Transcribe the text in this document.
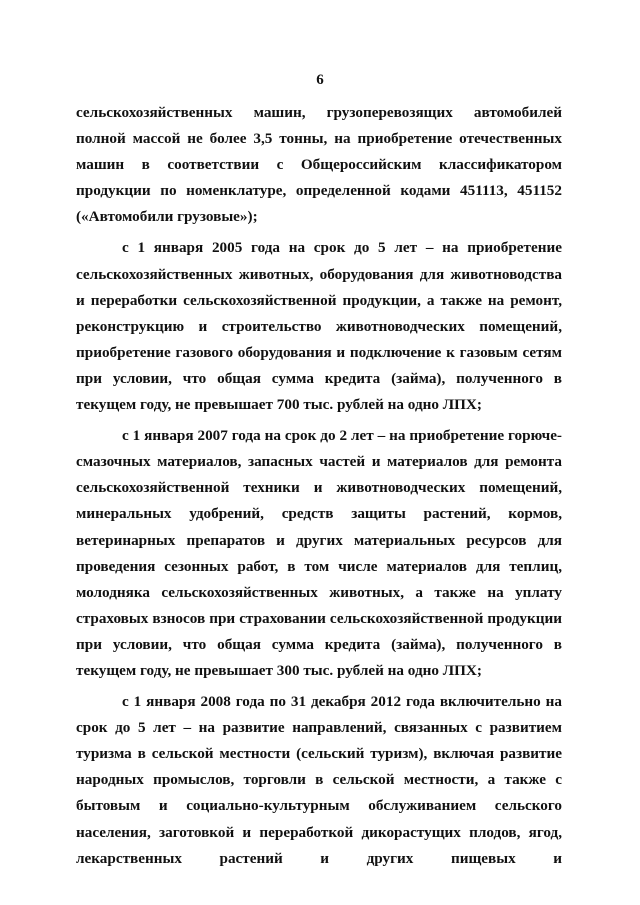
6

сельскохозяйственных машин, грузоперевозящих автомобилей полной массой не более 3,5 тонны, на приобретение отечественных машин в соответствии с Общероссийским классификатором продукции по номенклатуре, определенной кодами 451113, 451152 («Автомобили грузовые»);

с 1 января 2005 года на срок до 5 лет – на приобретение сельскохозяйственных животных, оборудования для животноводства и переработки сельскохозяйственной продукции, а также на ремонт, реконструкцию и строительство животноводческих помещений, приобретение газового оборудования и подключение к газовым сетям при условии, что общая сумма кредита (займа), полученного в текущем году, не превышает 700 тыс. рублей на одно ЛПХ;

с 1 января 2007 года на срок до 2 лет – на приобретение горюче-смазочных материалов, запасных частей и материалов для ремонта сельскохозяйственной техники и животноводческих помещений, минеральных удобрений, средств защиты растений, кормов, ветеринарных препаратов и других материальных ресурсов для проведения сезонных работ, в том числе материалов для теплиц, молодняка сельскохозяйственных животных, а также на уплату страховых взносов при страховании сельскохозяйственной продукции при условии, что общая сумма кредита (займа), полученного в текущем году, не превышает 300 тыс. рублей на одно ЛПХ;

с 1 января 2008 года по 31 декабря 2012 года включительно на срок до 5 лет – на развитие направлений, связанных с развитием туризма в сельской местности (сельский туризм), включая развитие народных промыслов, торговли в сельской местности, а также с бытовым и социально-культурным обслуживанием сельского населения, заготовкой и переработкой дикорастущих плодов, ягод, лекарственных растений и других пищевых и
